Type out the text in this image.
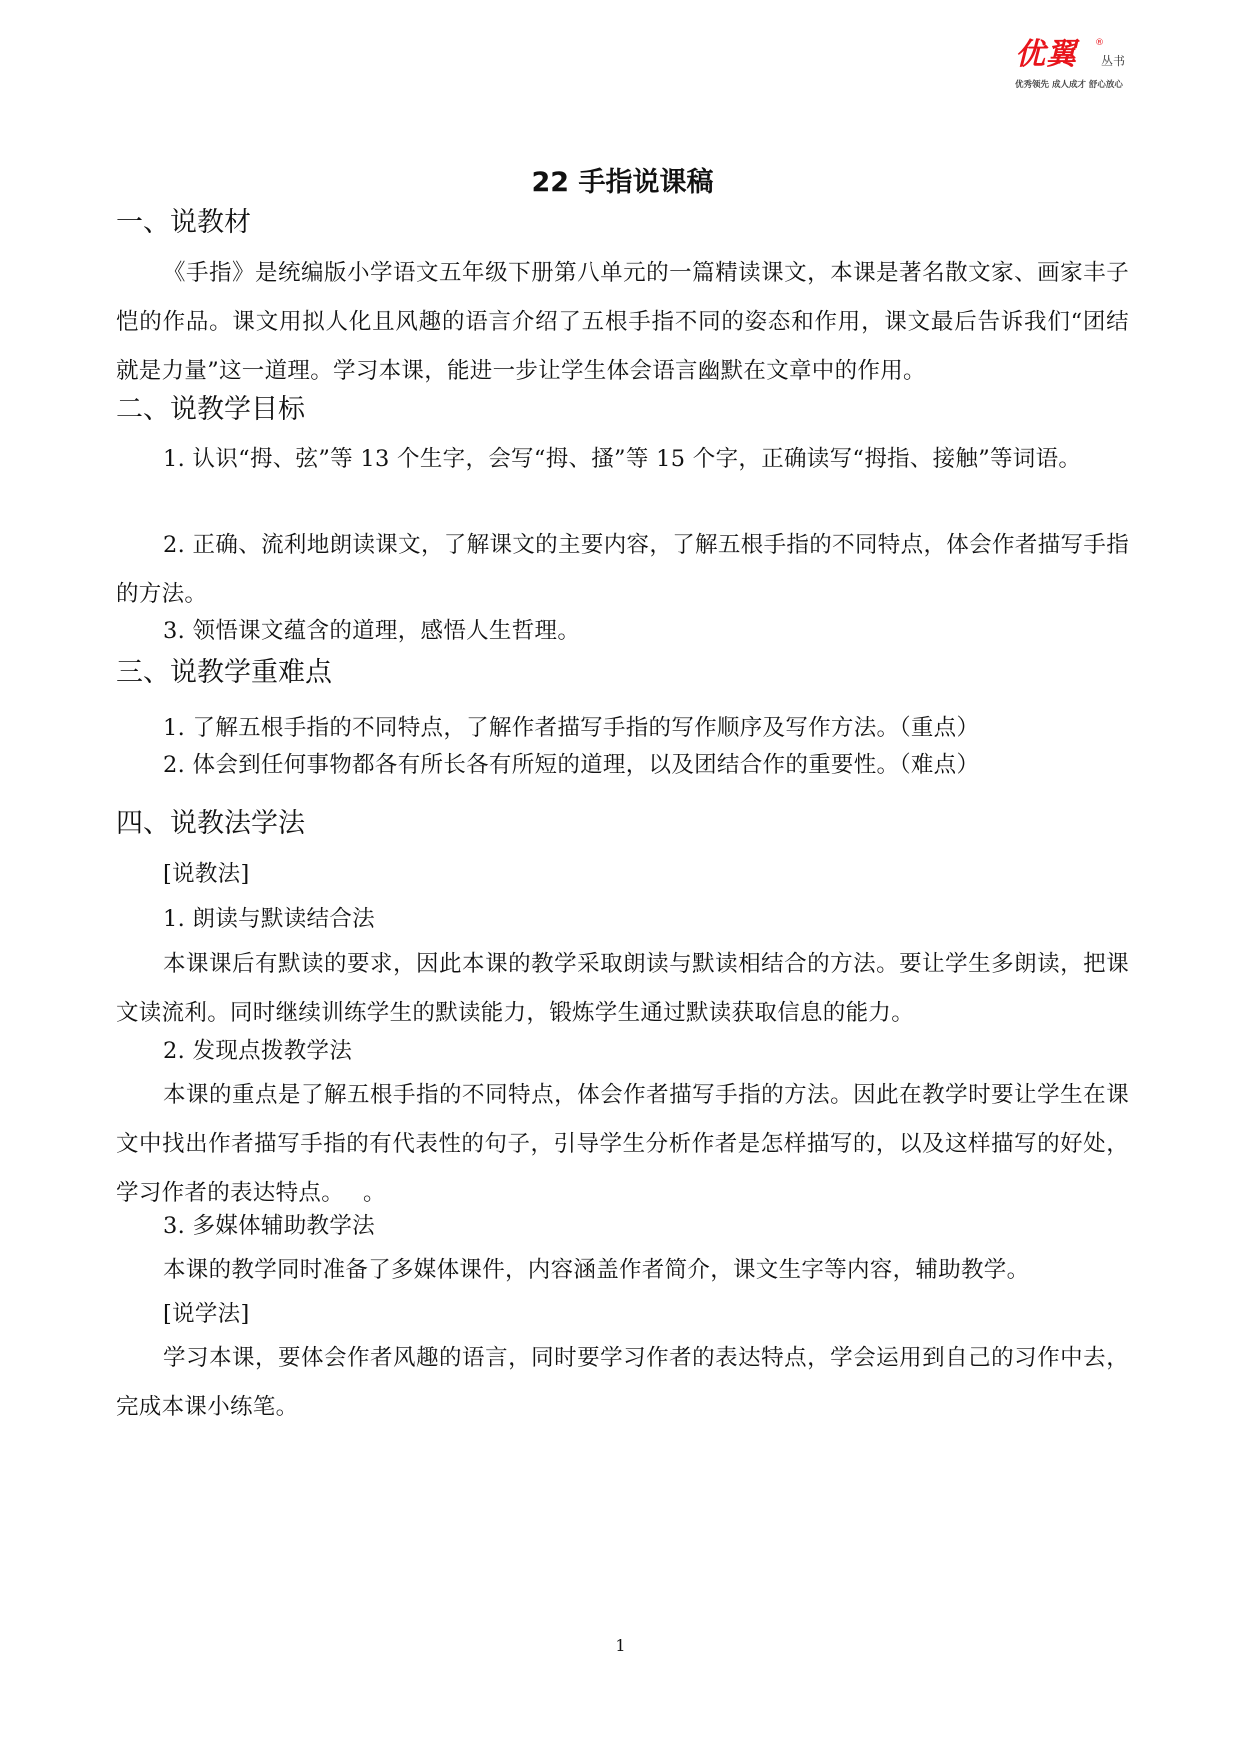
优翼 ®
丛书
优秀领先 成人成才 舒心放心
22 手指说课稿
一、说教材
《手指》是统编版小学语文五年级下册第八单元的一篇精读课文，本课是著名散文家、画家丰子恺的作品。课文用拟人化且风趣的语言介绍了五根手指不同的姿态和作用，课文最后告诉我们“团结就是力量”这一道理。学习本课，能进一步让学生体会语言幽默在文章中的作用。
二、说教学目标
1. 认识“拇、弦”等 13 个生字，会写“拇、搔”等 15 个字，正确读写“拇指、接触”等词语。
2. 正确、流利地朗读课文，了解课文的主要内容，了解五根手指的不同特点，体会作者描写手指的方法。
3. 领悟课文蕴含的道理，感悟人生哲理。
三、说教学重难点
1. 了解五根手指的不同特点，了解作者描写手指的写作顺序及写作方法。（重点）
2. 体会到任何事物都各有所长各有所短的道理，以及团结合作的重要性。（难点）
四、说教法学法
[说教法]
1. 朗读与默读结合法
本课课后有默读的要求，因此本课的教学采取朗读与默读相结合的方法。要让学生多朗读，把课文读流利。同时继续训练学生的默读能力，锻炼学生通过默读获取信息的能力。
2. 发现点拨教学法
本课的重点是了解五根手指的不同特点，体会作者描写手指的方法。因此在教学时要让学生在课文中找出作者描写手指的有代表性的句子，引导学生分析作者是怎样描写的，以及这样描写的好处，学习作者的表达特点。　 。
3. 多媒体辅助教学法
本课的教学同时准备了多媒体课件，内容涵盖作者简介，课文生字等内容，辅助教学。
[说学法]
学习本课，要体会作者风趣的语言，同时要学习作者的表达特点，学会运用到自己的习作中去，完成本课小练笔。
1
